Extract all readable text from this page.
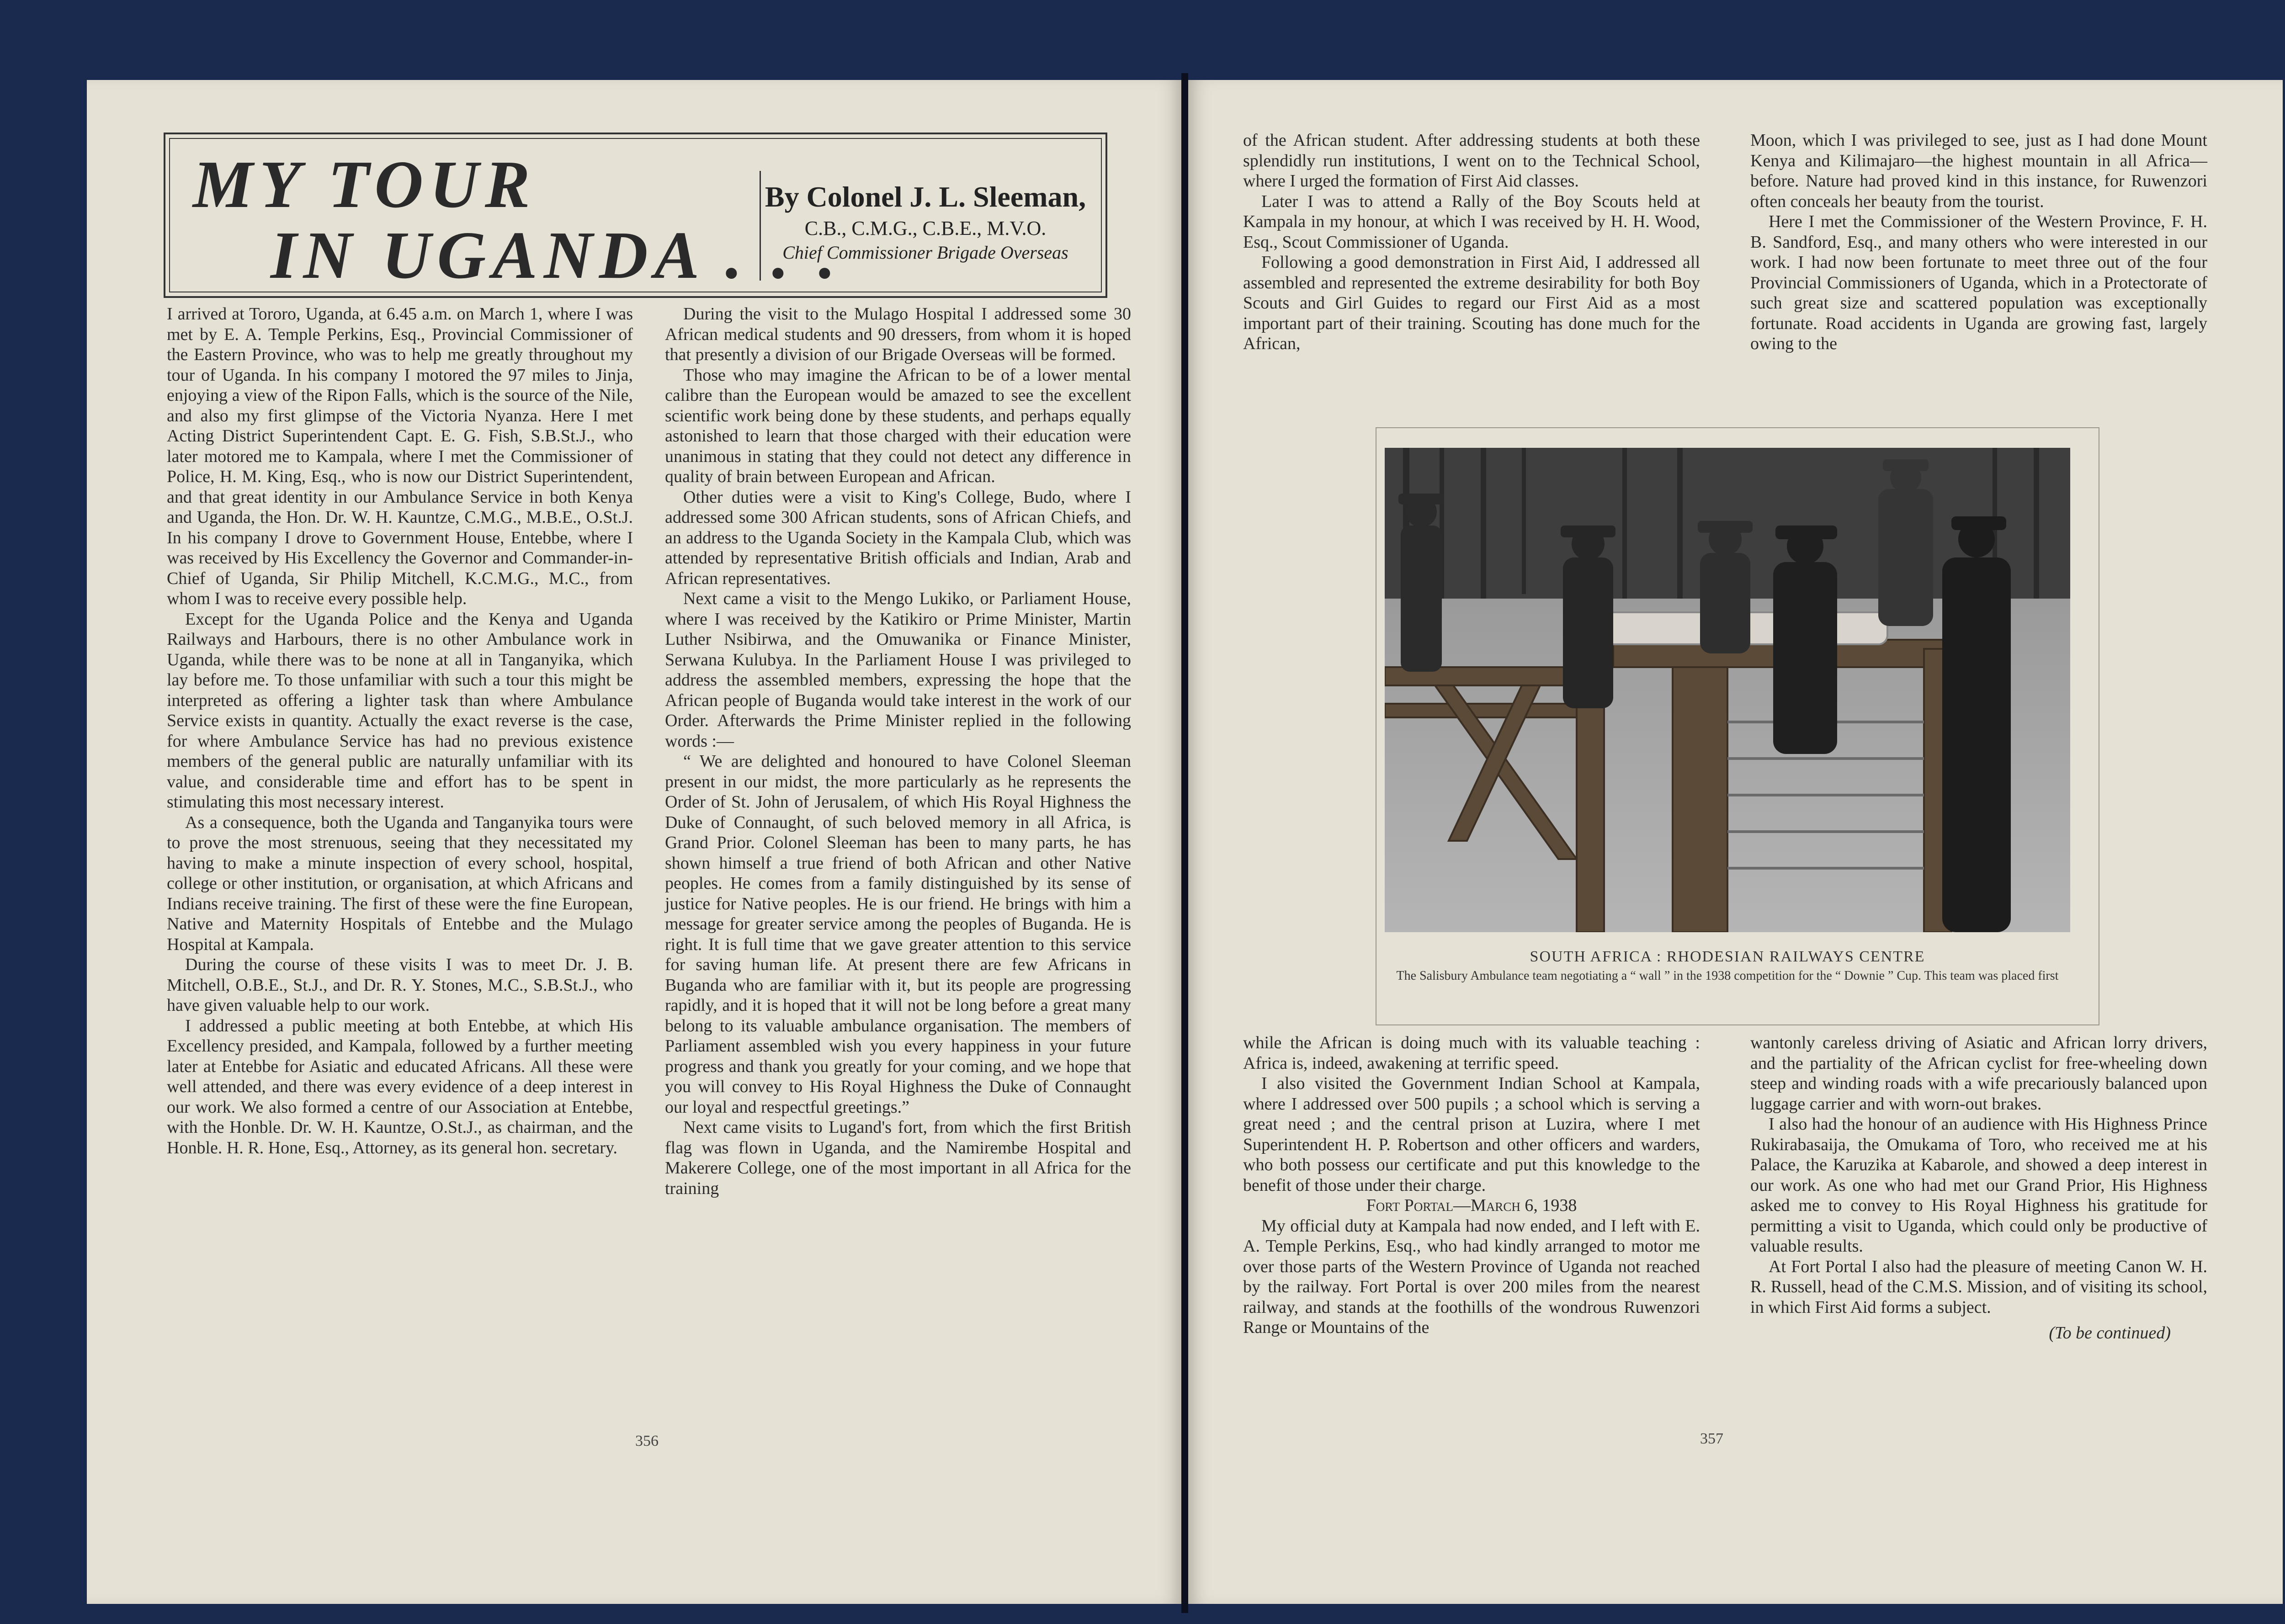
MY TOUR
IN UGANDA . . .
By Colonel J. L. Sleeman,
C.B., C.M.G., C.B.E., M.V.O.
Chief Commissioner Brigade Overseas

I arrived at Tororo, Uganda, at 6.45 a.m. on March 1, where I was met by E. A. Temple Perkins, Esq., Provincial Commissioner of the Eastern Province, who was to help me greatly throughout my tour of Uganda. In his company I motored the 97 miles to Jinja, enjoying a view of the Ripon Falls, which is the source of the Nile, and also my first glimpse of the Victoria Nyanza. Here I met Acting District Superintendent Capt. E. G. Fish, S.B.St.J., who later motored me to Kampala, where I met the Commissioner of Police, H. M. King, Esq., who is now our District Superintendent, and that great identity in our Ambulance Service in both Kenya and Uganda, the Hon. Dr. W. H. Kauntze, C.M.G., M.B.E., O.St.J. In his company I drove to Government House, Entebbe, where I was received by His Excellency the Governor and Commander-in-Chief of Uganda, Sir Philip Mitchell, K.C.M.G., M.C., from whom I was to receive every possible help.

Except for the Uganda Police and the Kenya and Uganda Railways and Harbours, there is no other Ambulance work in Uganda, while there was to be none at all in Tanganyika, which lay before me. To those unfamiliar with such a tour this might be interpreted as offering a lighter task than where Ambulance Service exists in quantity. Actually the exact reverse is the case, for where Ambulance Service has had no previous existence members of the general public are naturally unfamiliar with its value, and considerable time and effort has to be spent in stimulating this most necessary interest.

As a consequence, both the Uganda and Tanganyika tours were to prove the most strenuous, seeing that they necessitated my having to make a minute inspection of every school, hospital, college or other institution, or organisation, at which Africans and Indians receive training. The first of these were the fine European, Native and Maternity Hospitals of Entebbe and the Mulago Hospital at Kampala.

During the course of these visits I was to meet Dr. J. B. Mitchell, O.B.E., St.J., and Dr. R. Y. Stones, M.C., S.B.St.J., who have given valuable help to our work.

I addressed a public meeting at both Entebbe, at which His Excellency presided, and Kampala, followed by a further meeting later at Entebbe for Asiatic and educated Africans. All these were well attended, and there was every evidence of a deep interest in our work. We also formed a centre of our Association at Entebbe, with the Honble. Dr. W. H. Kauntze, O.St.J., as chairman, and the Honble. H. R. Hone, Esq., Attorney, as its general hon. secretary.

During the visit to the Mulago Hospital I addressed some 30 African medical students and 90 dressers, from whom it is hoped that presently a division of our Brigade Overseas will be formed.

Those who may imagine the African to be of a lower mental calibre than the European would be amazed to see the excellent scientific work being done by these students, and perhaps equally astonished to learn that those charged with their education were unanimous in stating that they could not detect any difference in quality of brain between European and African.

Other duties were a visit to King's College, Budo, where I addressed some 300 African students, sons of African Chiefs, and an address to the Uganda Society in the Kampala Club, which was attended by representative British officials and Indian, Arab and African representatives.

Next came a visit to the Mengo Lukiko, or Parliament House, where I was received by the Katikiro or Prime Minister, Martin Luther Nsibirwa, and the Omuwanika or Finance Minister, Serwana Kulubya. In the Parliament House I was privileged to address the assembled members, expressing the hope that the African people of Buganda would take interest in the work of our Order. Afterwards the Prime Minister replied in the following words :—

“ We are delighted and honoured to have Colonel Sleeman present in our midst, the more particularly as he represents the Order of St. John of Jerusalem, of which His Royal Highness the Duke of Connaught, of such beloved memory in all Africa, is Grand Prior. Colonel Sleeman has been to many parts, he has shown himself a true friend of both African and other Native peoples. He comes from a family distinguished by its sense of justice for Native peoples. He is our friend. He brings with him a message for greater service among the peoples of Buganda. He is right. It is full time that we gave greater attention to this service for saving human life. At present there are few Africans in Buganda who are familiar with it, but its people are progressing rapidly, and it is hoped that it will not be long before a great many belong to its valuable ambulance organisation. The members of Parliament assembled wish you every happiness in your future progress and thank you greatly for your coming, and we hope that you will convey to His Royal Highness the Duke of Connaught our loyal and respectful greetings.”

Next came visits to Lugand's fort, from which the first British flag was flown in Uganda, and the Namirembe Hospital and Makerere College, one of the most important in all Africa for the training

356

of the African student. After addressing students at both these splendidly run institutions, I went on to the Technical School, where I urged the formation of First Aid classes.

Later I was to attend a Rally of the Boy Scouts held at Kampala in my honour, at which I was received by H. H. Wood, Esq., Scout Commissioner of Uganda.

Following a good demonstration in First Aid, I addressed all assembled and represented the extreme desirability for both Boy Scouts and Girl Guides to regard our First Aid as a most important part of their training. Scouting has done much for the African,

Moon, which I was privileged to see, just as I had done Mount Kenya and Kilimajaro—the highest mountain in all Africa—before. Nature had proved kind in this instance, for Ruwenzori often conceals her beauty from the tourist.

Here I met the Commissioner of the Western Province, F. H. B. Sandford, Esq., and many others who were interested in our work. I had now been fortunate to meet three out of the four Provincial Commissioners of Uganda, which in a Protectorate of such great size and scattered population was exceptionally fortunate. Road accidents in Uganda are growing fast, largely owing to the

while the African is doing much with its valuable teaching : Africa is, indeed, awakening at terrific speed.

I also visited the Government Indian School at Kampala, where I addressed over 500 pupils ; a school which is serving a great need ; and the central prison at Luzira, where I met Superintendent H. P. Robertson and other officers and warders, who both possess our certificate and put this knowledge to the benefit of those under their charge.

Fort Portal—March 6, 1938

My official duty at Kampala had now ended, and I left with E. A. Temple Perkins, Esq., who had kindly arranged to motor me over those parts of the Western Province of Uganda not reached by the railway. Fort Portal is over 200 miles from the nearest railway, and stands at the foothills of the wondrous Ruwenzori Range or Mountains of the

wantonly careless driving of Asiatic and African lorry drivers, and the partiality of the African cyclist for free-wheeling down steep and winding roads with a wife precariously balanced upon luggage carrier and with worn-out brakes.

I also had the honour of an audience with His Highness Prince Rukirabasaija, the Omukama of Toro, who received me at his Palace, the Karuzika at Kabarole, and showed a deep interest in our work. As one who had met our Grand Prior, His Highness asked me to convey to His Royal Highness his gratitude for permitting a visit to Uganda, which could only be productive of valuable results.

At Fort Portal I also had the pleasure of meeting Canon W. H. R. Russell, head of the C.M.S. Mission, and of visiting its school, in which First Aid forms a subject.

(To be continued)

357
SOUTH AFRICA : RHODESIAN RAILWAYS CENTRE
The Salisbury Ambulance team negotiating a “ wall ” in the 1938 competition for the “ Downie ” Cup. This team was placed first
